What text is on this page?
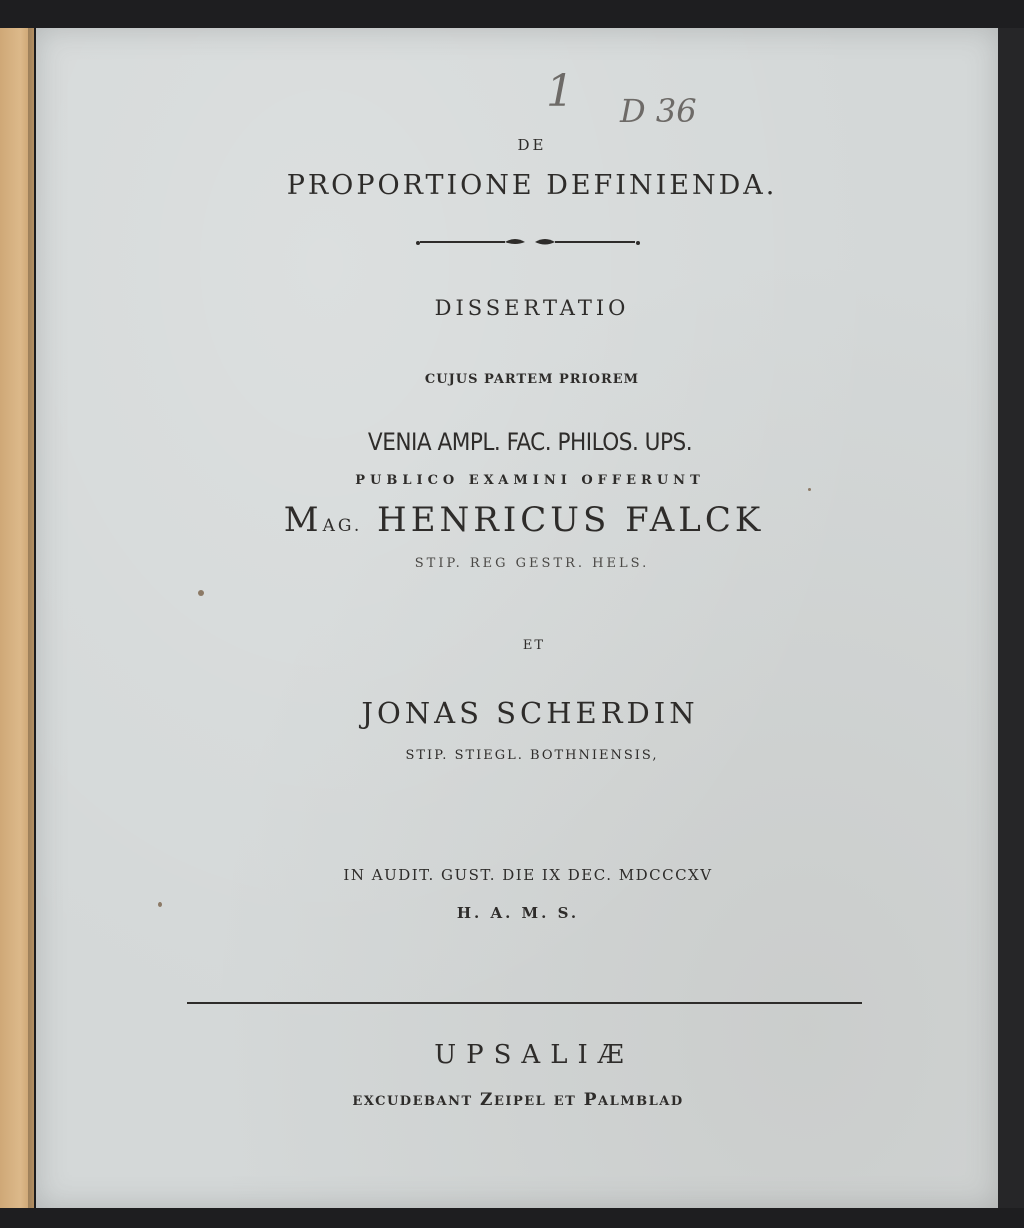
1 D 36
DE
PROPORTIONE DEFINIENDA.
DISSERTATIO
CUJUS PARTEM PRIOREM
VENIA AMPL. FAC. PHILOS. UPS.
PUBLICO EXAMINI OFFERUNT
MAG. HENRICUS FALCK
STIP. REG GESTR. HELS.
ET
JONAS SCHERDIN
STIP. STIEGL. BOTHNIENSIS,
IN AUDIT. GUST. DIE IX DEC. MDCCCXV
H. A. M. S.
UPSALIÆ
EXCUDEBANT ZEIPEL ET PALMBLAD
